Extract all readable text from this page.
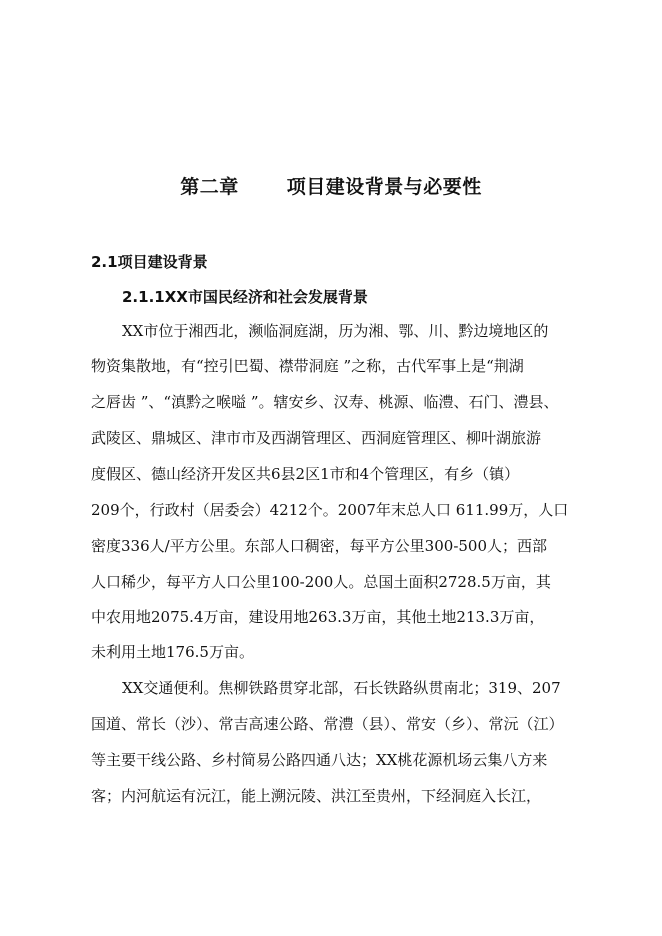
第二章	项目建设背景与必要性
2.1项目建设背景
2.1.1XX市国民经济和社会发展背景
XX市位于湘西北，濒临洞庭湖，历为湘、鄂、川、黔边境地区的
物资集散地，有“控引巴蜀、襟带洞庭 ”之称，古代军事上是“荆湖
之唇齿 ”、“滇黔之喉嗌 ”。辖安乡、汉寿、桃源、临澧、石门、澧县、
武陵区、鼎城区、津市市及西湖管理区、西洞庭管理区、柳叶湖旅游
度假区、德山经济开发区共6县2区1市和4个管理区，有乡（镇）
209个，行政村（居委会）4212个。2007年末总人口 611.99万，人口
密度336人/平方公里。东部人口稠密，每平方公里300-500人；西部
人口稀少，每平方人口公里100-200人。总国土面积2728.5万亩，其
中农用地2075.4万亩，建设用地263.3万亩，其他土地213.3万亩，
未利用土地176.5万亩。
XX交通便利。焦柳铁路贯穿北部，石长铁路纵贯南北；319、207
国道、常长（沙）、常吉高速公路、常澧（县）、常安（乡）、常沅（江）
等主要干线公路、乡村简易公路四通八达；XX桃花源机场云集八方来
客；内河航运有沅江，能上溯沅陵、洪江至贵州，下经洞庭入长江，
